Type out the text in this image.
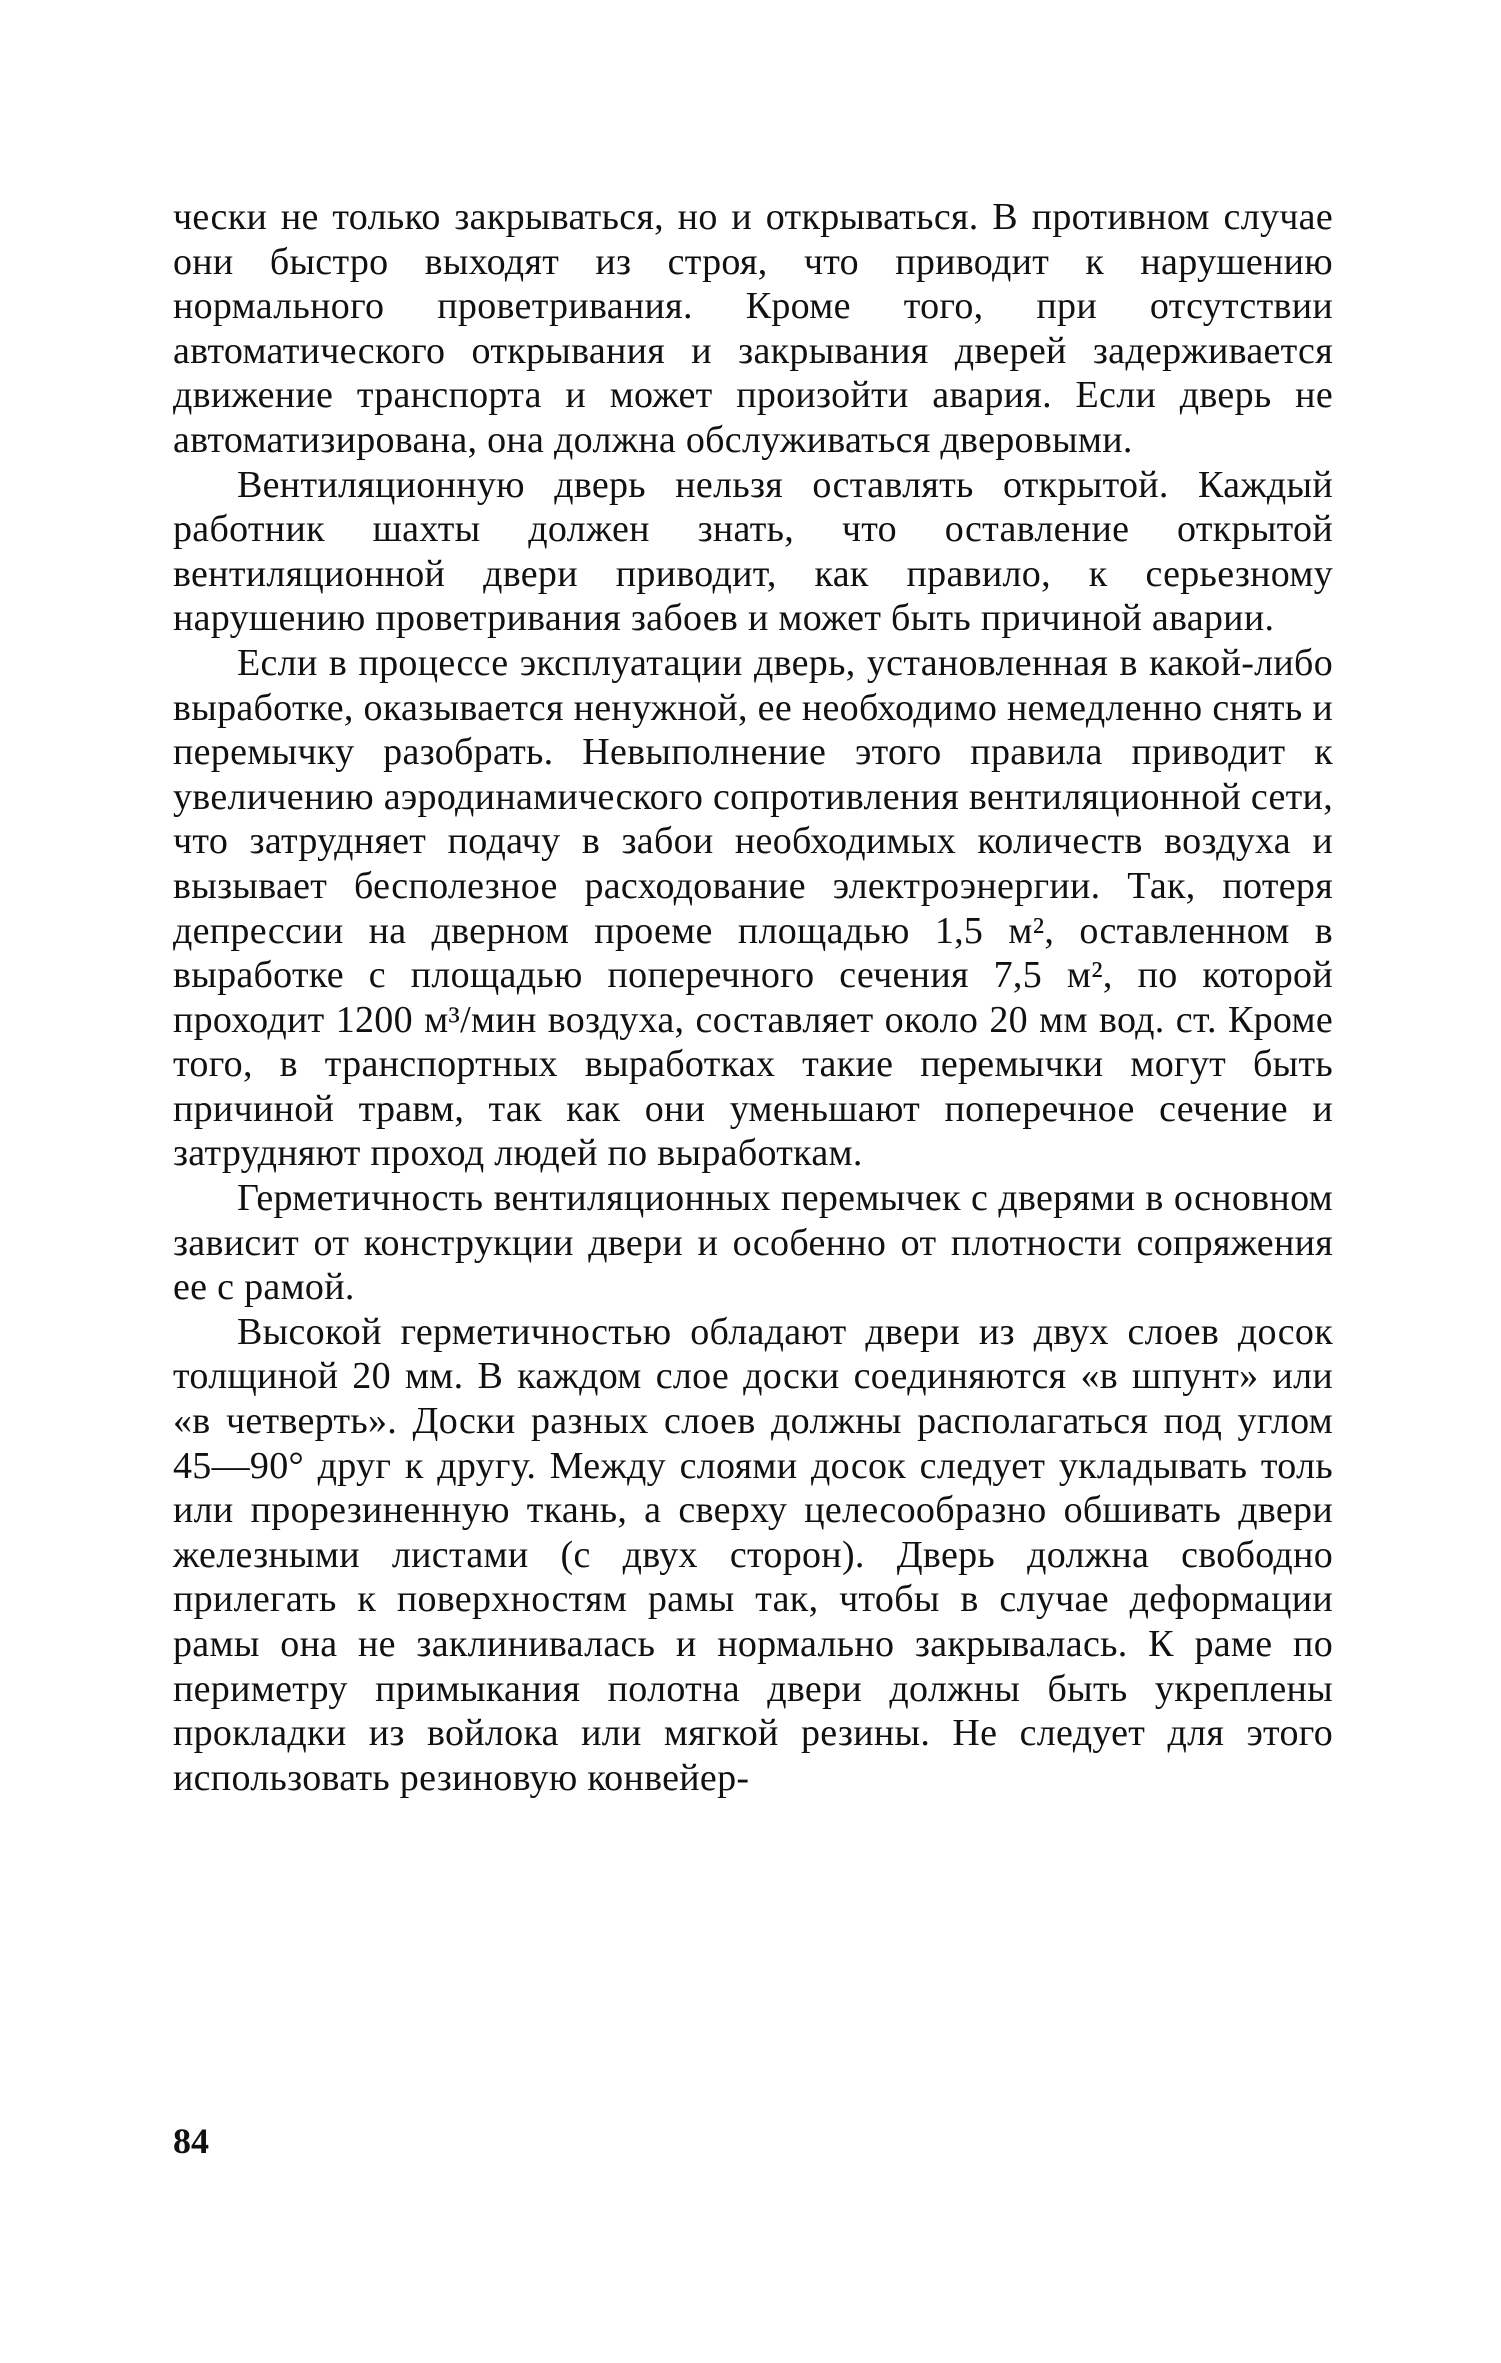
чески не только закрываться, но и открываться. В противном случае они быстро выходят из строя, что приводит к нарушению нормального проветривания. Кроме того, при отсутствии автоматического открывания и закрывания дверей задерживается движение транспорта и может произойти авария. Если дверь не автоматизирована, она должна обслуживаться дверовыми.

Вентиляционную дверь нельзя оставлять открытой. Каждый работник шахты должен знать, что оставление открытой вентиляционной двери приводит, как правило, к серьезному нарушению проветривания забоев и может быть причиной аварии.

Если в процессе эксплуатации дверь, установленная в какой-либо выработке, оказывается ненужной, ее необходимо немедленно снять и перемычку разобрать. Невыполнение этого правила приводит к увеличению аэродинамического сопротивления вентиляционной сети, что затрудняет подачу в забои необходимых количеств воздуха и вызывает бесполезное расходование электроэнергии. Так, потеря депрессии на дверном проеме площадью 1,5 м², оставленном в выработке с площадью поперечного сечения 7,5 м², по которой проходит 1200 м³/мин воздуха, составляет около 20 мм вод. ст. Кроме того, в транспортных выработках такие перемычки могут быть причиной травм, так как они уменьшают поперечное сечение и затрудняют проход людей по выработкам.

Герметичность вентиляционных перемычек с дверями в основном зависит от конструкции двери и особенно от плотности сопряжения ее с рамой.

Высокой герметичностью обладают двери из двух слоев досок толщиной 20 мм. В каждом слое доски соединяются «в шпунт» или «в четверть». Доски разных слоев должны располагаться под углом 45—90° друг к другу. Между слоями досок следует укладывать толь или прорезиненную ткань, а сверху целесообразно обшивать двери железными листами (с двух сторон). Дверь должна свободно прилегать к поверхностям рамы так, чтобы в случае деформации рамы она не заклинивалась и нормально закрывалась. К раме по периметру примыкания полотна двери должны быть укреплены прокладки из войлока или мягкой резины. Не следует для этого использовать резиновую конвейер-

84
